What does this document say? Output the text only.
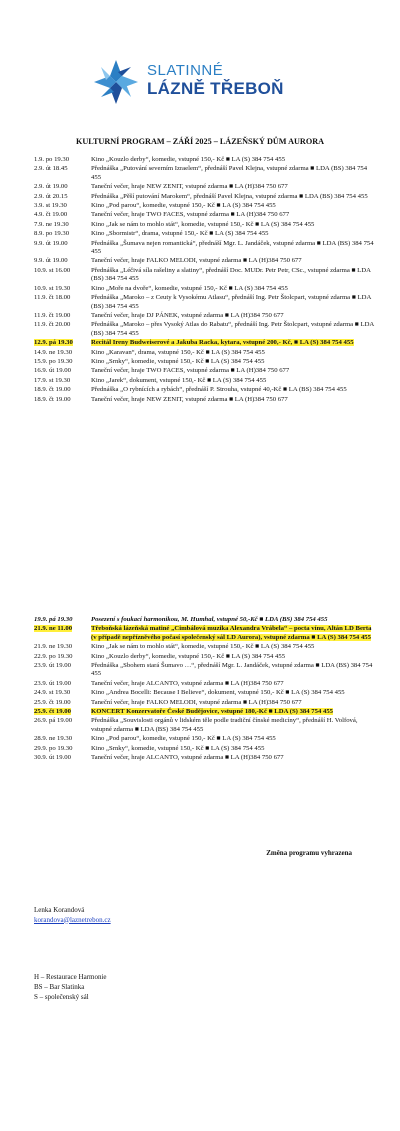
SLATINNÉ
LÁZNĚ TŘEBOŇ
KULTURNÍ PROGRAM – ZÁŘÍ 2025 – LÁZEŇSKÝ DŮM AURORA
1.9. po 19.30	Kino „Kouzlo derby“, komedie, vstupné 150,- Kč ■ LA (S) 384 754 455
2.9. út 18.45	Přednáška „Putování severním Izraelem“, přednáší Pavel Klejna, vstupné zdarma ■ LDA (BS) 384 754 455
2.9. út 19.00	Taneční večer, hraje NEW ZENIT, vstupné zdarma ■ LA (H)384 750 677
2.9. út 20.15	Přednáška „Pěší putování Marokem“, přednáší Pavel Klejna, vstupné zdarma ■ LDA (BS) 384 754 455
3.9. st 19.30	Kino „Pod parou“, komedie, vstupné 150,- Kč ■ LA (S) 384 754 455
4.9. čt 19.00	Taneční večer, hraje TWO FACES, vstupné zdarma ■ LA (H)384 750 677
7.9. ne 19.30	Kino „Jak se nám to mohlo stát“, komedie, vstupné 150,- Kč ■ LA (S) 384 754 455
8.9. po 19.30	Kino „Sbormistr“, drama, vstupné 150,- Kč ■ LA (S) 384 754 455
9.9. út 19.00	Přednáška „Šumava nejen romantická“, přednáší Mgr. L. Jandáček, vstupné zdarma ■ LDA (BS) 384 754 455
9.9. út 19.00	Taneční večer, hraje FALKO MELODI, vstupné zdarma ■ LA (H)384 750 677
10.9. st 16.00	Přednáška „Léčivá síla rašeliny a slatiny“, přednáší Doc. MUDr. Petr Petr, CSc., vstupné zdarma ■ LDA (BS) 384 754 455
10.9. st 19.30	Kino „Moře na dvoře“, komedie, vstupné 150,- Kč ■ LA (S) 384 754 455
11.9. čt 18.00	Přednáška „Maroko – z Ceuty k Vysokému Atlasu“, přednáší Ing. Petr Štolcpart, vstupné zdarma ■ LDA (BS) 384 754 455
11.9. čt 19.00	Taneční večer, hraje DJ PÁNEK, vstupné zdarma ■ LA (H)384 750 677
11.9. čt 20.00	Přednáška „Maroko – přes Vysoký Atlas do Rabatu“, přednáší Ing. Petr Štolcpart, vstupné zdarma ■ LDA (BS) 384 754 455
12.9. pá 19.30	Recitál Ireny Budweiserové a Jakuba Racka, kytara, vstupné 200,- Kč, ■ LA (S) 384 754 455
14.9. ne 19.30	Kino „Karavan“, drama, vstupné 150,- Kč ■ LA (S) 384 754 455
15.9. po 19.30	Kino „Srnky“, komedie, vstupné 150,- Kč ■ LA (S) 384 754 455
16.9. út 19.00	Taneční večer, hraje TWO FACES, vstupné zdarma ■ LA (H)384 750 677
17.9. st 19.30	Kino „Jarek“, dokument, vstupné 150,- Kč ■ LA (S) 384 754 455
18.9. čt 19.00	Přednáška „O rybnících a rybách“, přednáší P. Strouha, vstupné 40,-Kč ■ LA (BS) 384 754 455
18.9. čt 19.00	Taneční večer, hraje NEW ZENIT, vstupné zdarma ■ LA (H)384 750 677
19.9. pá 19.30	Posezení s foukací harmonikou, M. Humhal, vstupné 50,-Kč ■ LDA (BS) 384 754 455
21.9. ne 11.00	Třeboňská lázeňská matiné „Cimbálová muzika Alexandra Vrábela“ – pocta vínu, Altán LD Berta (v případě nepřízněvého počasí společenský sál LD Aurora), vstupné zdarma ■ LA (S) 384 754 455
21.9. ne 19.30	Kino „Jak se nám to mohlo stát“, komedie, vstupné 150,- Kč ■ LA (S) 384 754 455
22.9. po 19.30	Kino „Kouzlo derby“, komedie, vstupné 150,- Kč ■ LA (S) 384 754 455
23.9. út 19.00	Přednáška „Sbohem stará Šumavo …“, přednáší Mgr. L. Jandáček, vstupné zdarma ■ LDA (BS) 384 754 455
23.9. út 19.00	Taneční večer, hraje ALCANTO, vstupné zdarma ■ LA (H)384 750 677
24.9. st 19.30	Kino „Andrea Bocelli: Because I Believe“, dokument, vstupné 150,- Kč ■ LA (S) 384 754 455
25.9. čt 19.00	Taneční večer, hraje FALKO MELODI, vstupné zdarma ■ LA (H)384 750 677
25.9. čt 19.00	KONCERT Konzervatoře České Budějovice, vstupné 180,-Kč ■ LDA (S) 384 754 455
26.9. pá 19.00	Přednáška „Souvislosti orgánů v lidském těle podle tradiční čínské medicíny“, přednáší H. Volfová, vstupné zdarma ■ LDA (BS) 384 754 455
28.9. ne 19.30	Kino „Pod parou“, komedie, vstupné 150,- Kč ■ LA (S) 384 754 455
29.9. po 19.30	Kino „Srnky“, komedie, vstupné 150,- Kč ■ LA (S) 384 754 455
30.9. út 19.00	Taneční večer, hraje ALCANTO, vstupné zdarma ■ LA (H)384 750 677
Změna programu vyhrazena
Lenka Korandová
korandova@laznetrebon.cz
H – Restaurace Harmonie
BS – Bar Slatinka
S – společenský sál
